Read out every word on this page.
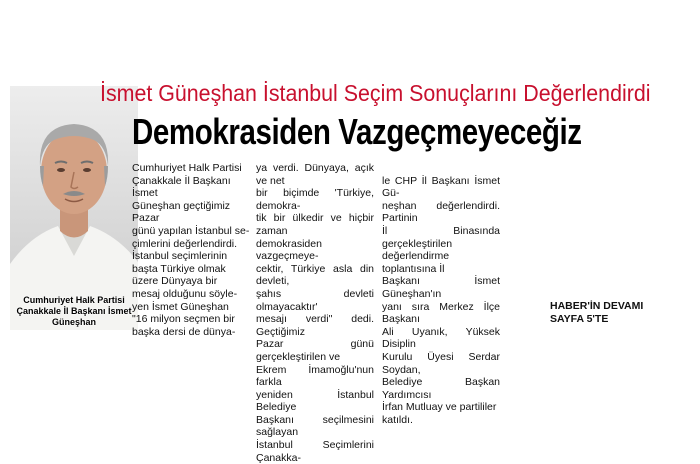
Cumhuriyet Halk Partisi
Çanakkale İl Başkanı İsmet Güneşhan
İsmet Güneşhan İstanbul Seçim Sonuçlarını Değerlendirdi
Demokrasiden Vazgeçmeyeceğiz
Cumhuriyet Halk Partisi
Çanakkale İl Başkanı İsmet
Güneşhan geçtiğimiz Pazar
günü yapılan İstanbul se-
çimlerini değerlendirdi.
İstanbul seçimlerinin
başta Türkiye olmak
üzere Dünyaya bir
mesaj olduğunu söyle-
yen İsmet Güneşhan
"16 milyon seçmen bir
başka dersi de dünya-
ya verdi. Dünyaya, açık ve net
bir biçimde 'Türkiye, demokra-
tik bir ülkedir ve hiçbir zaman
demokrasiden vazgeçmeye-
cektir, Türkiye asla din devleti,
şahıs devleti olmayacaktır'
mesajı verdi" dedi. Geçtiğimiz
Pazar günü gerçekleştirilen ve
Ekrem İmamoğlu'nun farkla
yeniden İstanbul Belediye
Başkanı seçilmesini sağlayan
İstanbul Seçimlerini Çanakka-

le CHP İl Başkanı İsmet Gü-
neşhan değerlendirdi. Partinin
İl Binasında gerçekleştirilen
değerlendirme toplantısına İl
Başkanı İsmet Güneşhan'ın
yanı sıra Merkez İlçe Başkanı
Ali Uyanık, Yüksek Disiplin
Kurulu Üyesi Serdar Soydan,
Belediye Başkan Yardımcısı
İrfan Mutluay ve partililer
katıldı.

HABER'İN DEVAMI
SAYFA 5'TE
